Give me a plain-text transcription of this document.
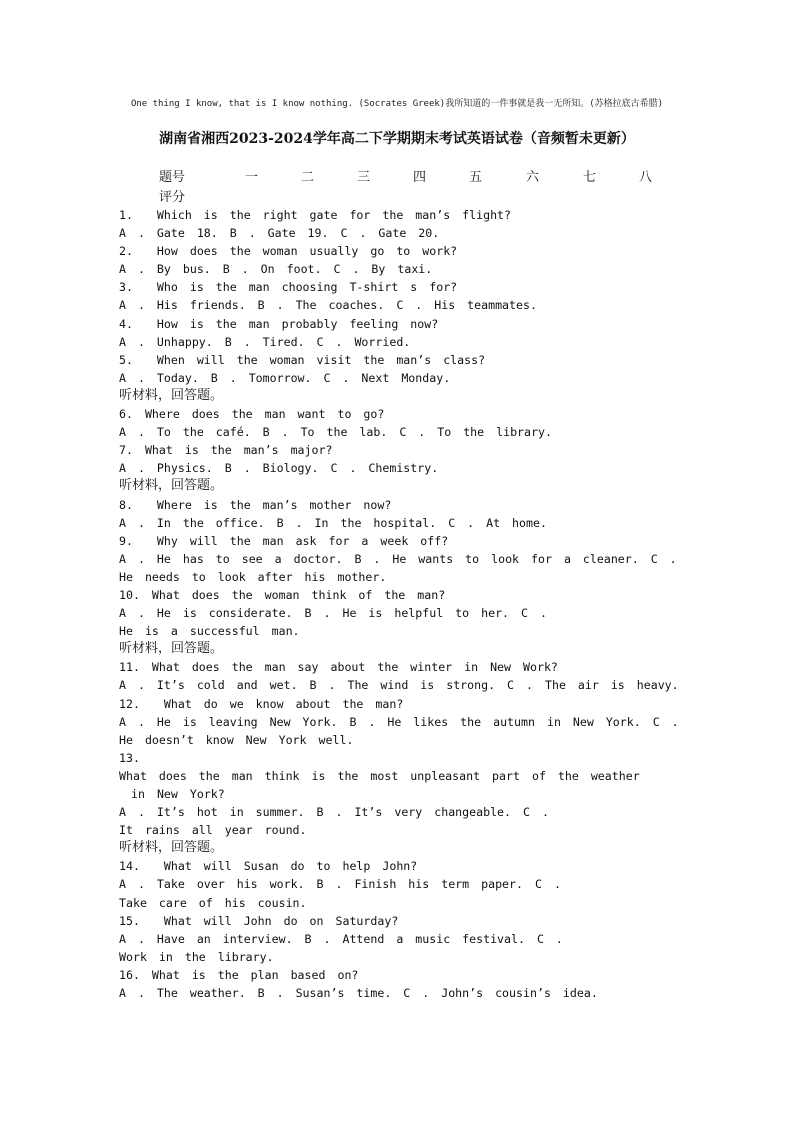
One thing I know, that is I know nothing. (Socrates Greek)我所知道的一件事就是我一无所知。(苏格拉底古希腊)
湖南省湘西2023-2024学年高二下学期期末考试英语试卷（音频暂未更新）
题号	一	二	三	四	五	六	七	八
评分
1.  Which is the right gate for the man’s flight?
A . Gate 18. B . Gate 19. C . Gate 20.
2.  How does the woman usually go to work?
A . By bus. B . On foot. C . By taxi.
3.  Who is the man choosing T-shirt s for?
A . His friends. B . The coaches. C . His teammates.
4.  How is the man probably feeling now?
A . Unhappy. B . Tired. C . Worried.
5.  When will the woman visit the man’s class?
A . Today. B . Tomorrow. C . Next Monday.
听材料，回答题。
6. Where does the man want to go?
A . To the café. B . To the lab. C . To the library.
7. What is the man’s major?
A . Physics. B . Biology. C . Chemistry.
听材料，回答题。
8.  Where is the man’s mother now?
A . In the office. B . In the hospital. C . At home.
9.  Why will the man ask for a week off?
A . He has to see a doctor. B . He wants to look for a cleaner. C .
He needs to look after his mother.
10. What does the woman think of the man?
A . He is considerate. B . He is helpful to her. C .
He is a successful man.
听材料，回答题。
11. What does the man say about the winter in New Work?
A . It’s cold and wet. B . The wind is strong. C . The air is heavy.
12.  What do we know about the man?
A . He is leaving New York. B . He likes the autumn in New York. C .
He doesn’t know New York well.
13.
What does the man think is the most unpleasant part of the weather
in New York?
A . It’s hot in summer. B . It’s very changeable. C .
It rains all year round.
听材料，回答题。
14.  What will Susan do to help John?
A . Take over his work. B . Finish his term paper. C .
Take care of his cousin.
15.  What will John do on Saturday?
A . Have an interview. B . Attend a music festival. C .
Work in the library.
16. What is the plan based on?
A . The weather. B . Susan’s time. C . John’s cousin’s idea.
